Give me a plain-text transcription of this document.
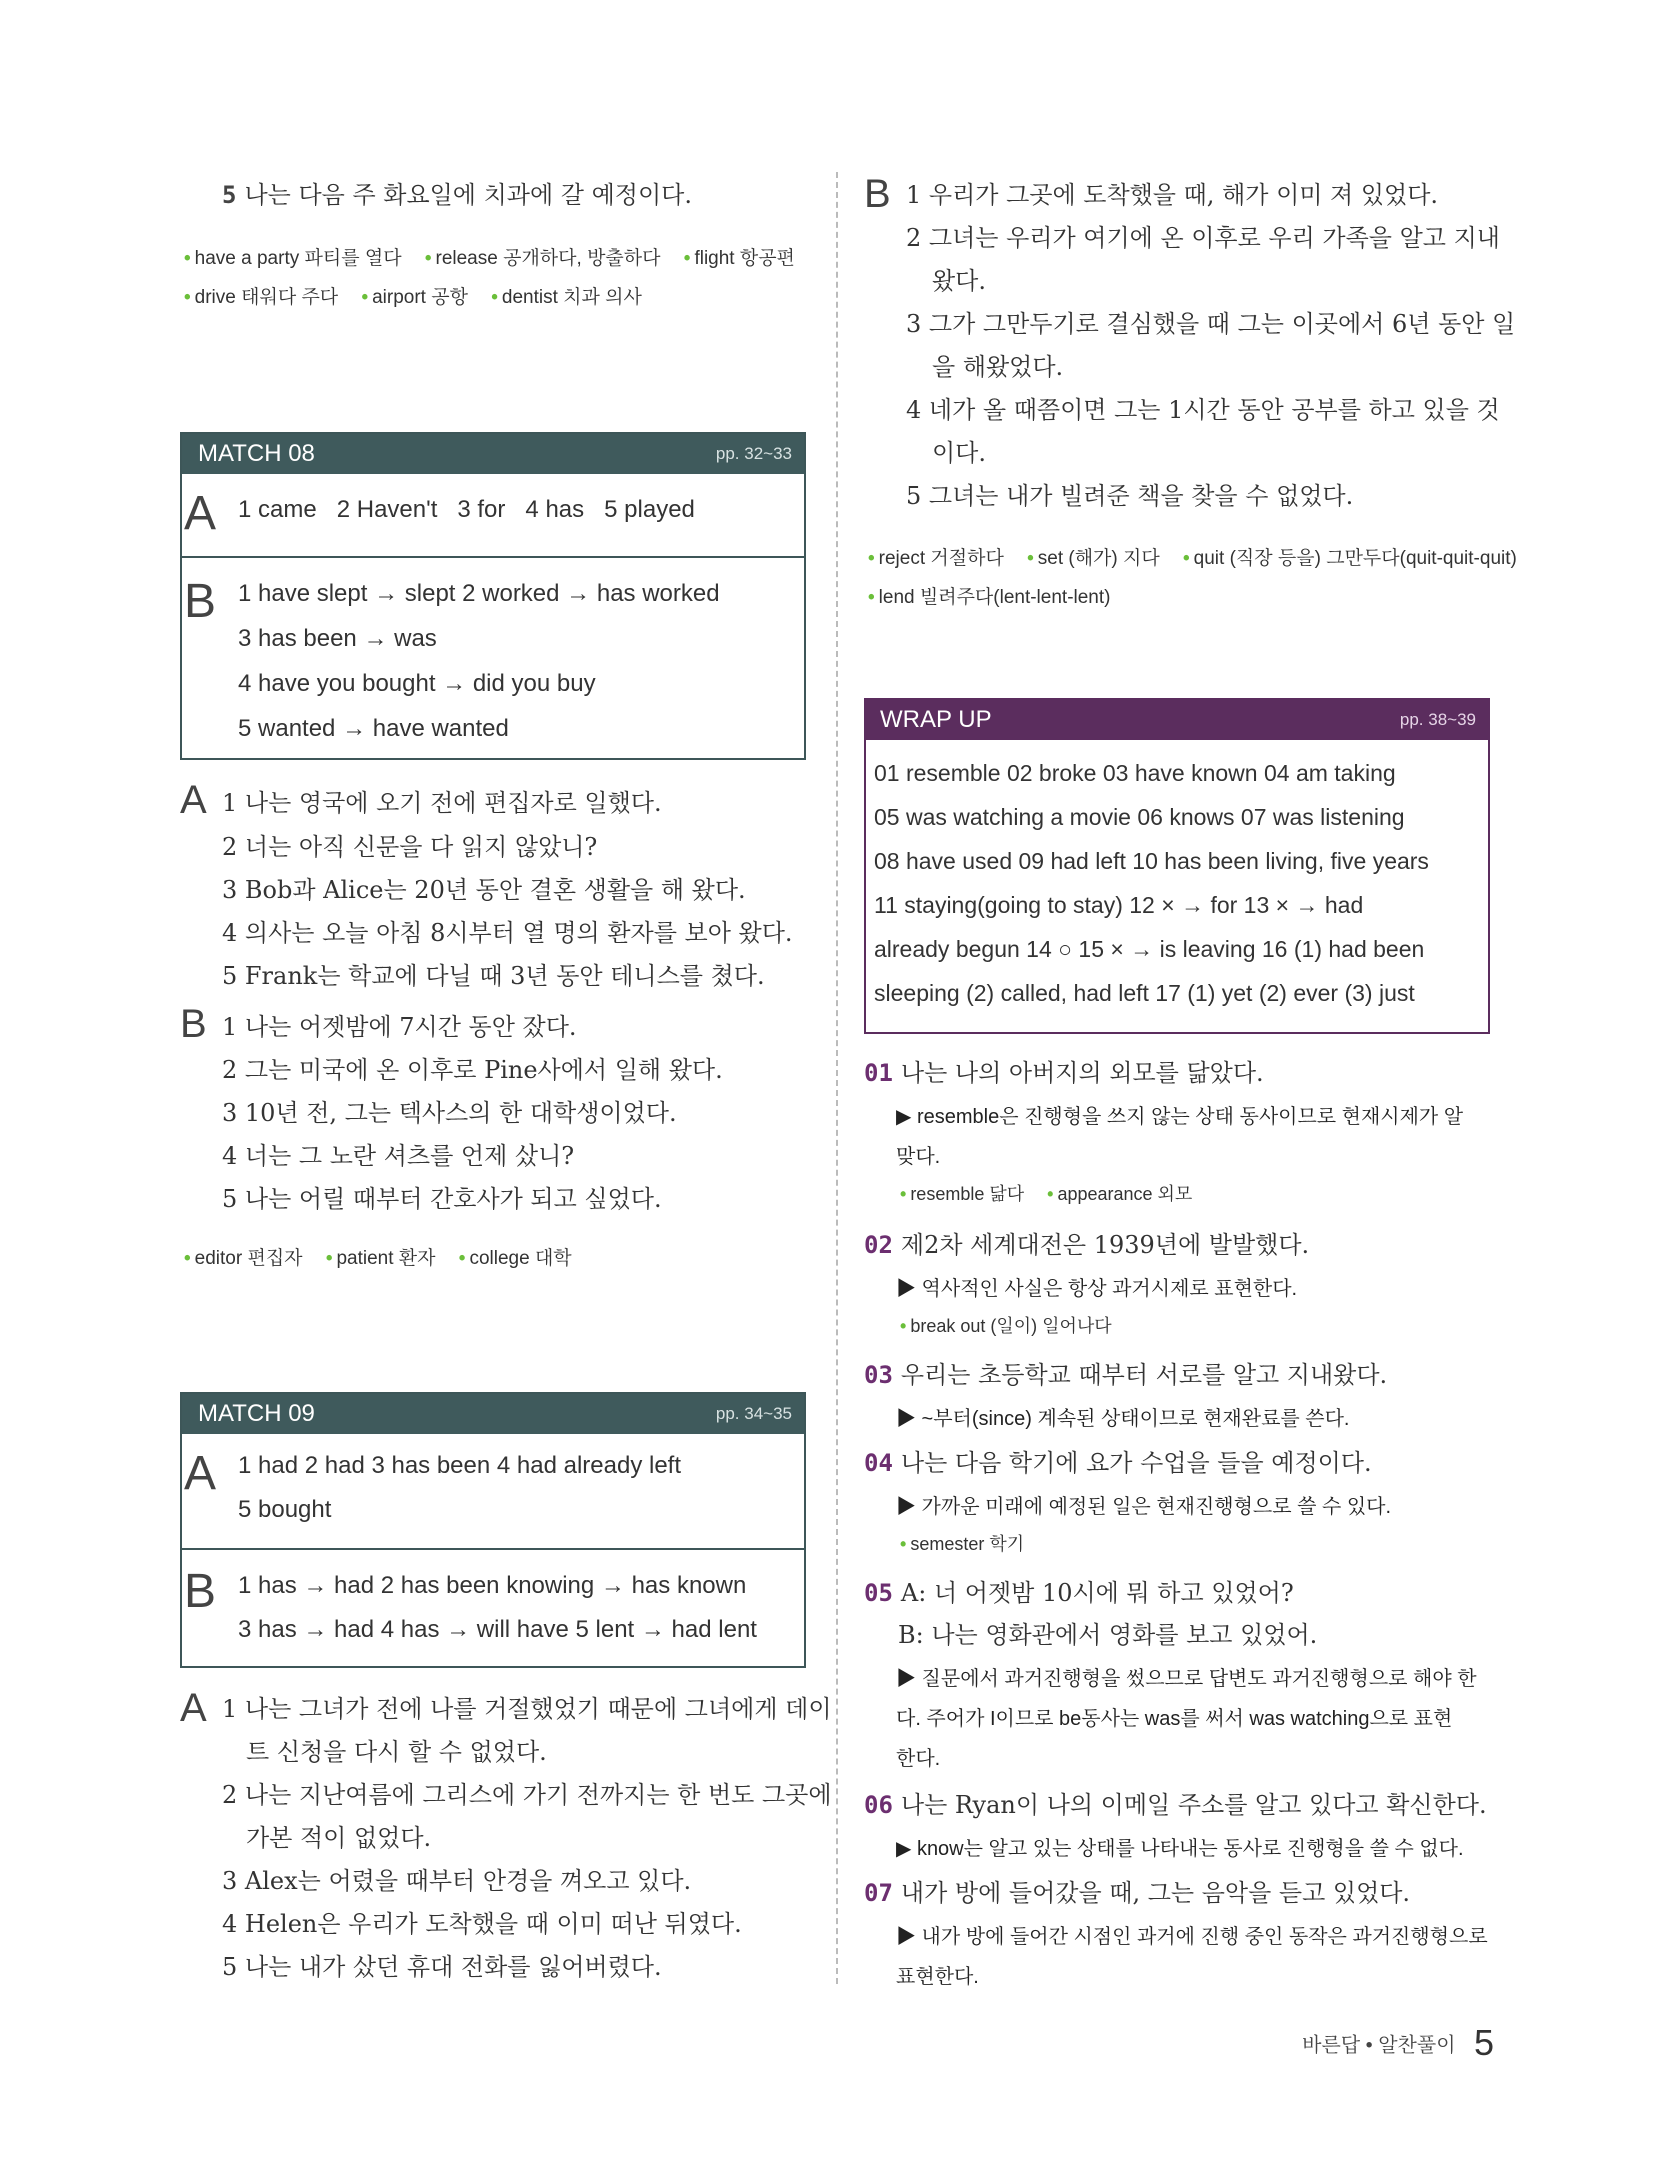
5 나는 다음 주 화요일에 치과에 갈 예정이다.
• have a party 파티를 열다 • release 공개하다, 방출하다 • flight 항공편
• drive 태워다 주다 • airport 공항 • dentist 치과 의사
MATCH 08	pp. 32~33
A 1 came 2 Haven't 3 for 4 has 5 played
B 1 have slept → slept 2 worked → has worked
3 has been → was
4 have you bought → did you buy
5 wanted → have wanted
A 1 나는 영국에 오기 전에 편집자로 일했다.
2 너는 아직 신문을 다 읽지 않았니?
3 Bob과 Alice는 20년 동안 결혼 생활을 해 왔다.
4 의사는 오늘 아침 8시부터 열 명의 환자를 보아 왔다.
5 Frank는 학교에 다닐 때 3년 동안 테니스를 쳤다.
B 1 나는 어젯밤에 7시간 동안 잤다.
2 그는 미국에 온 이후로 Pine사에서 일해 왔다.
3 10년 전, 그는 텍사스의 한 대학생이었다.
4 너는 그 노란 셔츠를 언제 샀니?
5 나는 어릴 때부터 간호사가 되고 싶었다.
• editor 편집자 • patient 환자 • college 대학
MATCH 09	pp. 34~35
A 1 had 2 had 3 has been 4 had already left
5 bought
B 1 has → had 2 has been knowing → has known
3 has → had 4 has → will have 5 lent → had lent
A 1 나는 그녀가 전에 나를 거절했었기 때문에 그녀에게 데이
트 신청을 다시 할 수 없었다.
2 나는 지난여름에 그리스에 가기 전까지는 한 번도 그곳에
가본 적이 없었다.
3 Alex는 어렸을 때부터 안경을 껴오고 있다.
4 Helen은 우리가 도착했을 때 이미 떠난 뒤였다.
5 나는 내가 샀던 휴대 전화를 잃어버렸다.
B 1 우리가 그곳에 도착했을 때, 해가 이미 져 있었다.
2 그녀는 우리가 여기에 온 이후로 우리 가족을 알고 지내
왔다.
3 그가 그만두기로 결심했을 때 그는 이곳에서 6년 동안 일
을 해왔었다.
4 네가 올 때쯤이면 그는 1시간 동안 공부를 하고 있을 것
이다.
5 그녀는 내가 빌려준 책을 찾을 수 없었다.
• reject 거절하다 • set (해가) 지다 • quit (직장 등을) 그만두다(quit-quit-quit)
• lend 빌려주다(lent-lent-lent)
WRAP UP	pp. 38~39
01 resemble 02 broke 03 have known 04 am taking
05 was watching a movie 06 knows 07 was listening
08 have used 09 had left 10 has been living, five years
11 staying(going to stay) 12 × → for 13 × → had
already begun 14 ○ 15 × → is leaving 16 (1) had been
sleeping (2) called, had left 17 (1) yet (2) ever (3) just
01 나는 나의 아버지의 외모를 닮았다.
▶ resemble은 진행형을 쓰지 않는 상태 동사이므로 현재시제가 알
맞다.
• resemble 닮다 • appearance 외모
02 제2차 세계대전은 1939년에 발발했다.
▶ 역사적인 사실은 항상 과거시제로 표현한다.
• break out (일이) 일어나다
03 우리는 초등학교 때부터 서로를 알고 지내왔다.
▶ ~부터(since) 계속된 상태이므로 현재완료를 쓴다.
04 나는 다음 학기에 요가 수업을 들을 예정이다.
▶ 가까운 미래에 예정된 일은 현재진행형으로 쓸 수 있다.
• semester 학기
05 A: 너 어젯밤 10시에 뭐 하고 있었어?
B: 나는 영화관에서 영화를 보고 있었어.
▶ 질문에서 과거진행형을 썼으므로 답변도 과거진행형으로 해야 한
다. 주어가 I이므로 be동사는 was를 써서 was watching으로 표현
한다.
06 나는 Ryan이 나의 이메일 주소를 알고 있다고 확신한다.
▶ know는 알고 있는 상태를 나타내는 동사로 진행형을 쓸 수 없다.
07 내가 방에 들어갔을 때, 그는 음악을 듣고 있었다.
▶ 내가 방에 들어간 시점인 과거에 진행 중인 동작은 과거진행형으로
표현한다.
바른답 • 알찬풀이 5
